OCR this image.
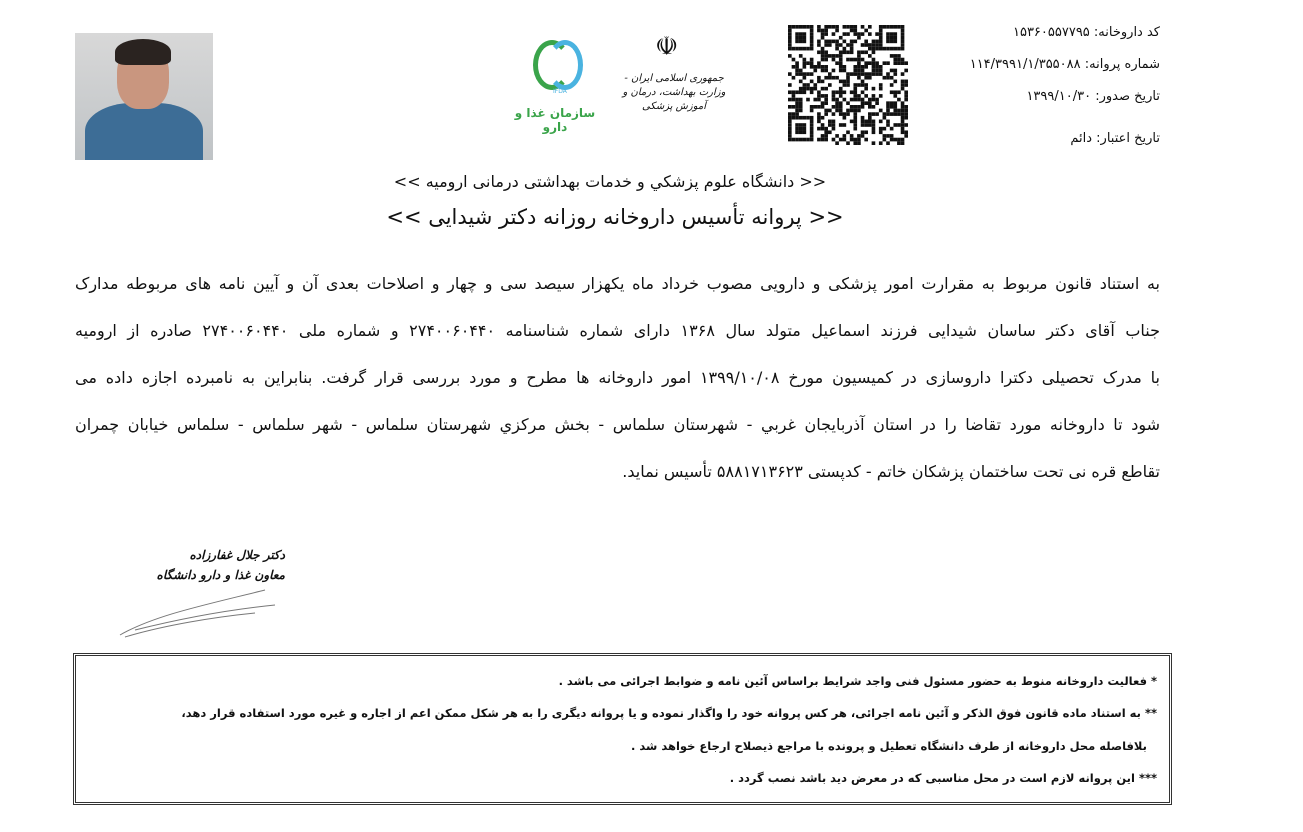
IFDA
سازمان غذا و دارو
☫
جمهوری اسلامی ایران - وزارت بهداشت، درمان و آموزش پزشکی
کد داروخانه: ۱۵۳۶۰۵۵۷۷۹۵
شماره پروانه: ۱۱۴/۳۹۹۱/۱/۳۵۵۰۸۸
تاریخ صدور: ۱۳۹۹/۱۰/۳۰
تاریخ اعتبار: دائم
<< دانشگاه علوم پزشكي و خدمات بهداشتی درمانی ارومیه >>
<< پروانه تأسیس داروخانه روزانه دکتر شیدایی >>
به استناد قانون مربوط به مقرارت امور پزشکی و دارویی مصوب خرداد ماه یکهزار سیصد سی و چهار و اصلاحات بعدی آن و آیین نامه های مربوطه مدارک
جناب آقای دکتر ساسان شیدایی فرزند اسماعیل متولد سال ۱۳۶۸ دارای شماره شناسنامه ۲۷۴۰۰۶۰۴۴۰ و شماره ملی ۲۷۴۰۰۶۰۴۴۰ صادره از ارومیه
با مدرک تحصیلی دکترا داروسازی در کمیسیون مورخ ۱۳۹۹/۱۰/۰۸ امور داروخانه ها مطرح و مورد بررسی قرار گرفت. بنابراین به نامبرده اجازه داده می
شود تا داروخانه مورد تقاضا را در استان آذربایجان غربي - شهرستان سلماس - بخش مرکزي شهرستان سلماس - شهر سلماس - سلماس خیابان چمران
تقاطع قره نی تحت ساختمان پزشکان خاتم - کدپستی ۵۸۸۱۷۱۳۶۲۳ تأسیس نماید.
دکتر جلال غفارزاده
معاون غذا و دارو دانشگاه
* فعالیت داروخانه منوط به حضور مسئول فنی واجد شرایط براساس آئین نامه و ضوابط اجرائی می باشد .
** به استناد ماده قانون فوق الذکر و آئین نامه اجرائی، هر کس پروانه خود را واگذار نموده و یا پروانه دیگری را به هر شکل ممکن اعم از اجاره و غیره مورد استفاده قرار دهد،
بلافاصله محل داروخانه از طرف دانشگاه تعطیل و پرونده با مراجع ذیصلاح ارجاع خواهد شد .
*** این پروانه لازم است در محل مناسبی که در معرض دید باشد نصب گردد .
